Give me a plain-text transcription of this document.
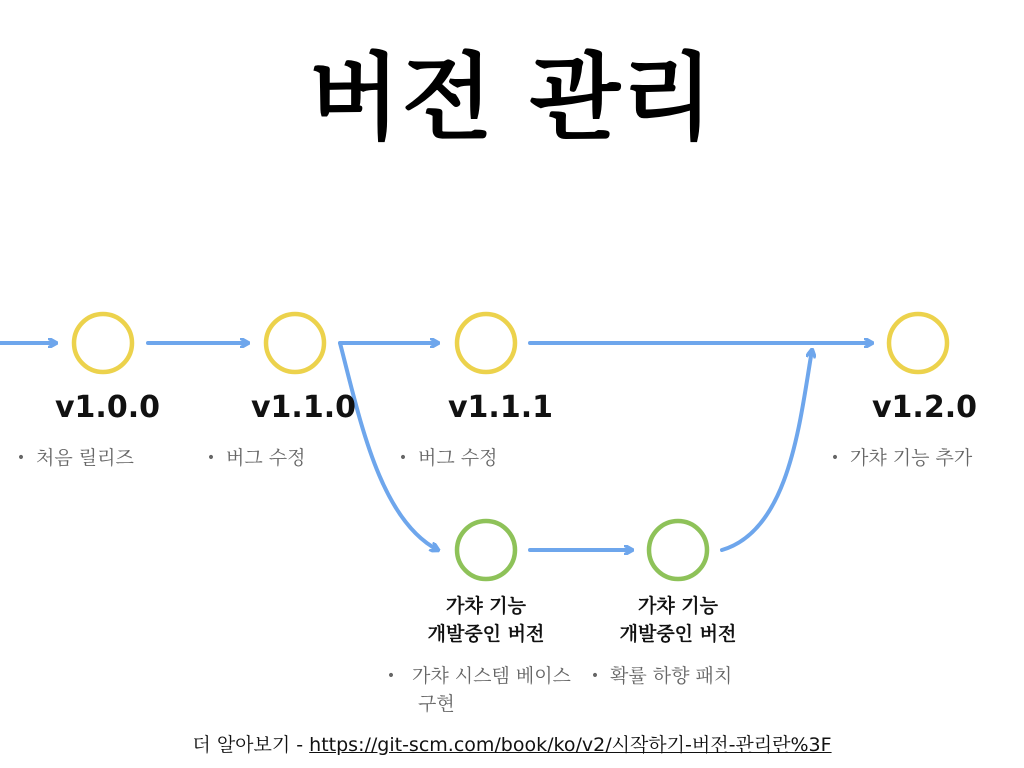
버전 관리
v1.0.0	v1.1.0	v1.1.1	v1.2.0
• 처음 릴리즈	• 버그 수정	• 버그 수정	• 가챠 기능 추가
가챠 기능
개발중인 버전
가챠 기능
개발중인 버전
• 가챠 시스템 베이스 구현
• 확률 하향 패치
더 알아보기 - https://git-scm.com/book/ko/v2/시작하기-버전-관리란%3F
